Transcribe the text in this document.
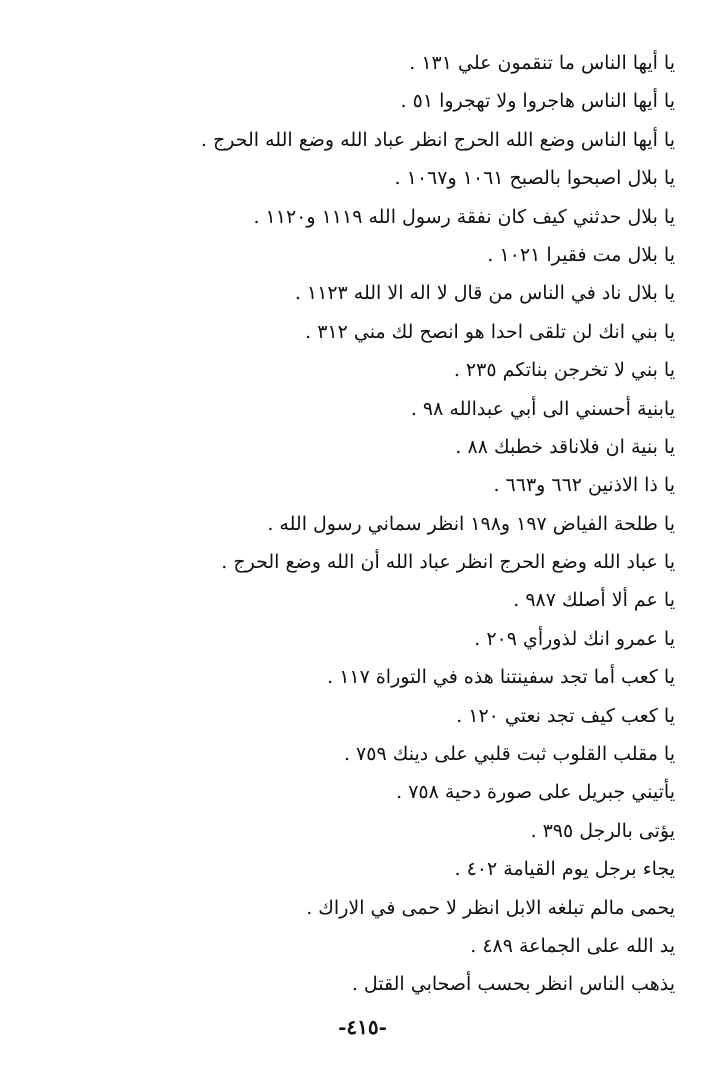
يا أيها الناس ما تنقمون علي ١٣١ .
يا أيها الناس هاجروا ولا تهجروا ٥١ .
يا أيها الناس وضع الله الحرج انظر عباد الله وضع الله الحرج .
يا بلال اصبحوا بالصبح ١٠٦١ و١٠٦٧ .
يا بلال حدثني كيف كان نفقة رسول الله ١١١٩ و١١٢٠ .
يا بلال مت فقيرا ١٠٢١ .
يا بلال ناد في الناس من قال لا اله الا الله ١١٢٣ .
يا بني انك لن تلقى احدا هو انصح لك مني ٣١٢ .
يا بني لا تخرجن بناتكم ٢٣٥ .
يابنية أحسني الى أبي عبدالله ٩٨ .
يا بنية ان فلاناقد خطبك ٨٨ .
يا ذا الاذنين ٦٦٢ و٦٦٣ .
يا طلحة الفياض ١٩٧ و١٩٨ انظر سماني رسول الله .
يا عباد الله وضع الحرج انظر عباد الله أن الله وضع الحرج .
يا عم ألا أصلك ٩٨٧ .
يا عمرو انك لذورأي ٢٠٩ .
يا كعب أما تجد سفينتنا هذه في التوراة ١١٧ .
يا كعب كيف تجد نعتي ١٢٠ .
يا مقلب القلوب ثبت قلبي على دينك ٧٥٩ .
يأتيني جبريل على صورة دحية ٧٥٨ .
يؤتى بالرجل ٣٩٥ .
يجاء برجل يوم القيامة ٤٠٢ .
يحمى مالم تبلغه الابل انظر لا حمى في الاراك .
يد الله على الجماعة ٤٨٩ .
يذهب الناس انظر بحسب أصحابي القتل .
-٤١٥-
